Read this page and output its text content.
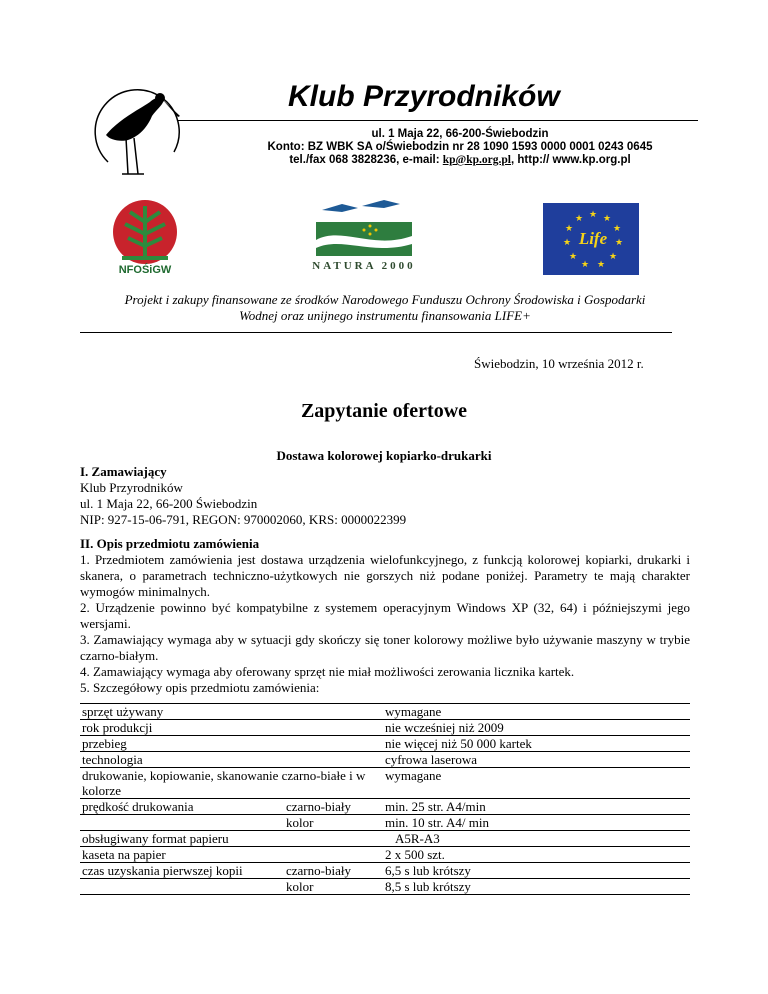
Klub Przyrodników
ul. 1 Maja 22, 66-200-Świebodzin
Konto: BZ WBK SA o/Świebodzin nr 28 1090 1593 0000 0001 0243 0645
tel./fax 068 3828236, e-mail: kp@kp.org.pl, http:// www.kp.org.pl
NFOŚiGW	NATURA 2000
★ ★
★
★
★
★
★
★
★
★
★
Life
Projekt i zakupy finansowane ze środków Narodowego Funduszu Ochrony Środowiska i Gospodarki
Wodnej oraz unijnego instrumentu finansowania LIFE+
Świebodzin, 10 września 2012 r.
Zapytanie ofertowe
Dostawa kolorowej kopiarko-drukarki

I. Zamawiający

Klub Przyrodników

ul. 1 Maja 22, 66-200 Świebodzin

NIP: 927-15-06-791, REGON: 970002060, KRS: 0000022399

II. Opis przedmiotu zamówienia

1. Przedmiotem zamówienia jest dostawa urządzenia wielofunkcyjnego, z funkcją kolorowej kopiarki, drukarki i skanera, o parametrach techniczno-użytkowych nie gorszych niż podane poniżej. Parametry te mają charakter wymogów minimalnych.

2. Urządzenie powinno być kompatybilne z systemem operacyjnym Windows XP (32, 64) i późniejszymi jego wersjami.

3. Zamawiający wymaga aby w sytuacji gdy skończy się toner kolorowy możliwe było używanie maszyny w trybie czarno-białym.

4. Zamawiający wymaga aby oferowany sprzęt nie miał możliwości zerowania licznika kartek.

5. Szczegółowy opis przedmiotu zamówienia:

sprzęt używany			wymagane
rok produkcji			nie wcześniej niż 2009
przebieg			nie więcej niż 50 000 kartek
technologia			cyfrowa laserowa
drukowanie, kopiowanie, skanowanie czarno-białe i w kolorze			wymagane
prędkość drukowania	czarno-biały		min. 25 str. A4/min
	kolor		min. 10 str. A4/ min
obsługiwany format papieru			A5R-A3
kaseta na papier			2 x 500 szt.
czas uzyskania pierwszej kopii	czarno-biały		6,5 s lub krótszy
	kolor		8,5 s lub krótszy
